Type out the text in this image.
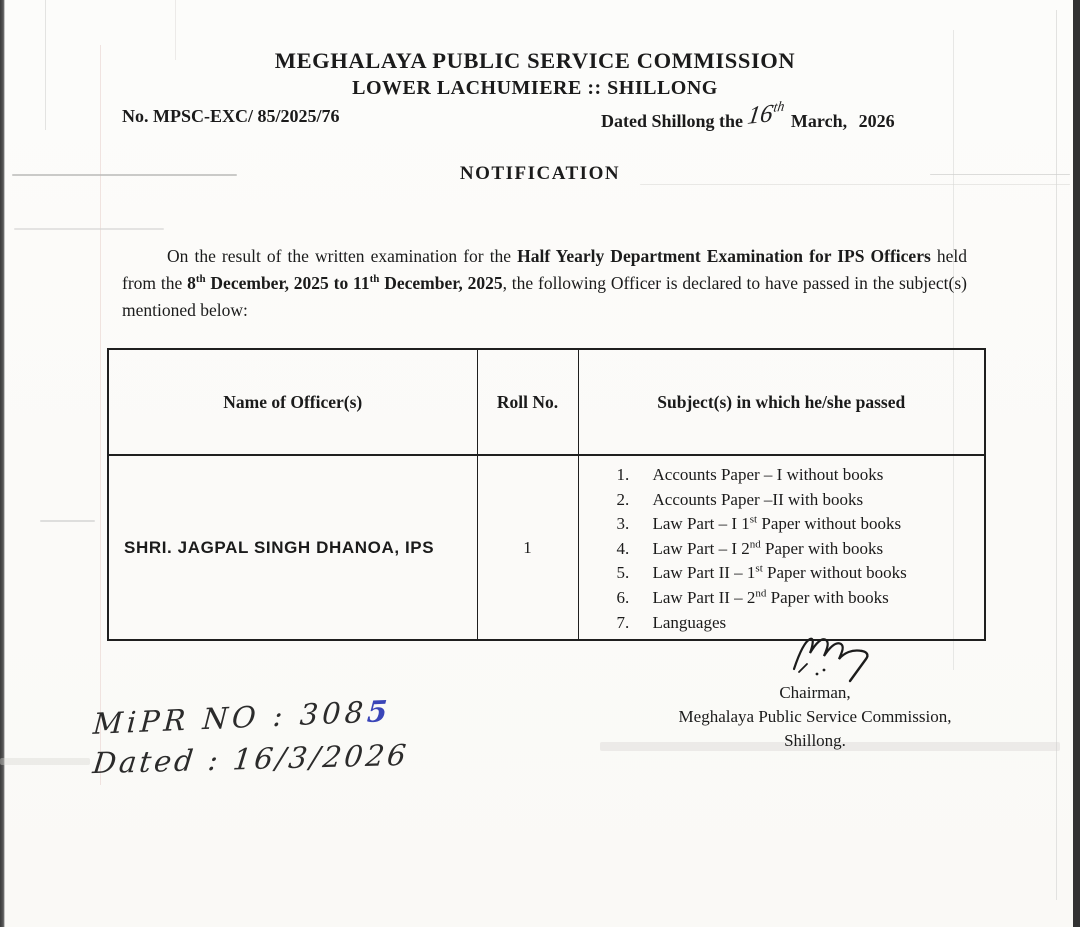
MEGHALAYA PUBLIC SERVICE COMMISSION
LOWER LACHUMIERE :: SHILLONG
No. MPSC-EXC/ 85/2025/76	Dated Shillong the 16thMarch, 2026
NOTIFICATION
On the result of the written examination for the Half Yearly Department Examination for IPS Officers held from the 8th December, 2025 to 11th December, 2025, the following Officer is declared to have passed in the subject(s) mentioned below:
Name of Officer(s)	Roll No.	Subject(s) in which he/she passed
SHRI. JAGPAL SINGH DHANOA, IPS	1	
1.	Accounts Paper – I without books
2.	Accounts Paper –II with books
3.	Law Part – I 1st Paper without books
4.	Law Part – I 2nd Paper with books
5.	Law Part II – 1st Paper without books
6.	Law Part II – 2nd Paper with books
7.	Languages
Chairman,
Meghalaya Public Service Commission,
Shillong.
MiPR NO : 3085
Dated : 16/3/2026
